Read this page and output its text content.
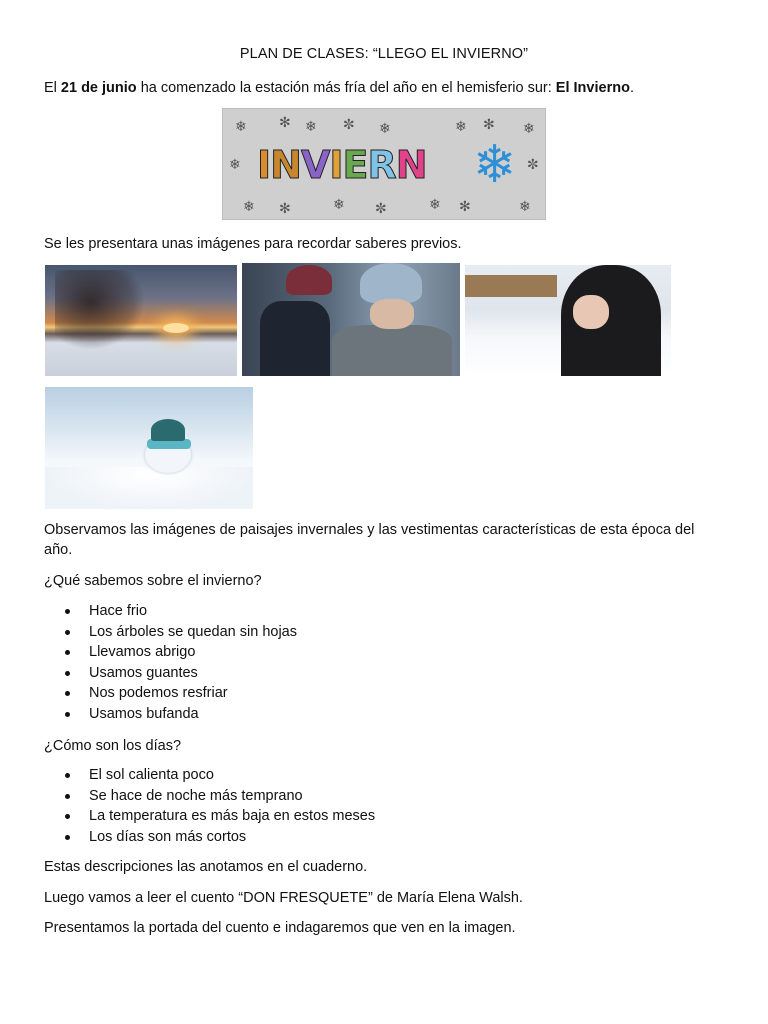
PLAN DE CLASES: “LLEGO EL INVIERNO”
El 21 de junio ha comenzado la estación más fría del año en el hemisferio sur: El Invierno.
❄ ✻ ❄ ✼ ❄	❄ ✻ ❄
❄	✼
❄ ✻	❄ ✼	❄ ✻	❄
I N V I E R N ❄
Se les presentara unas imágenes para recordar saberes previos.
Observamos las imágenes de paisajes invernales y las vestimentas características de esta época del año.
¿Qué sabemos sobre el invierno?
Hace frio
Los árboles se quedan sin hojas
Llevamos abrigo
Usamos guantes
Nos podemos resfriar
Usamos bufanda
¿Cómo son los días?
El sol calienta poco
Se hace de noche más temprano
La temperatura es más baja en estos meses
Los días son más cortos
Estas descripciones las anotamos en el cuaderno.
Luego vamos a leer el cuento “DON FRESQUETE” de María Elena Walsh.
Presentamos la portada del cuento e indagaremos que ven en la imagen.
